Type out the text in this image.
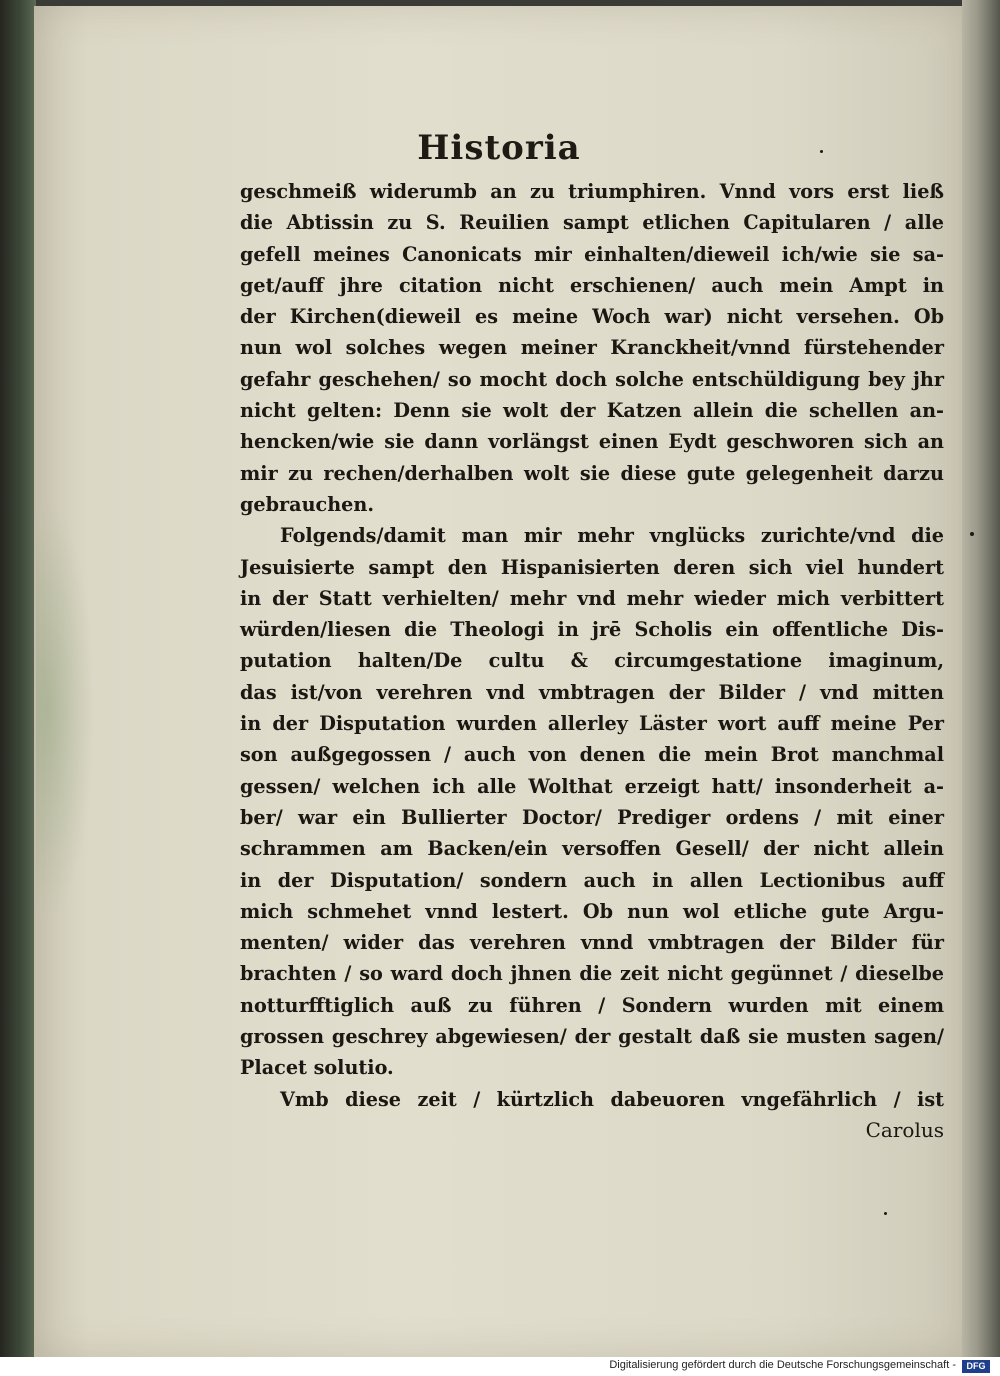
Historia
geschmeiß widerumb an zu triumphiren. Vnnd vors erst ließ
die Abtissin zu S. Reuilien sampt etlichen Capitularen / alle
gefell meines Canonicats mir einhalten/dieweil ich/wie sie sa-
get/auff jhre citation nicht erschienen/ auch mein Ampt in
der Kirchen(dieweil es meine Woch war) nicht versehen. Ob
nun wol solches wegen meiner Kranckheit/vnnd fürstehender
gefahr geschehen/ so mocht doch solche entschüldigung bey jhr
nicht gelten: Denn sie wolt der Katzen allein die schellen an-
hencken/wie sie dann vorlängst einen Eydt geschworen sich an
mir zu rechen/derhalben wolt sie diese gute gelegenheit darzu
gebrauchen.
Folgends/damit man mir mehr vnglücks zurichte/vnd die
Jesuisierte sampt den Hispanisierten deren sich viel hundert
in der Statt verhielten/ mehr vnd mehr wieder mich verbittert
würden/liesen die Theologi in jrē Scholis ein offentliche Dis-
putation halten/De cultu & circumgestatione imaginum,
das ist/von verehren vnd vmbtragen der Bilder / vnd mitten
in der Disputation wurden allerley Läster wort auff meine Per
son außgegossen / auch von denen die mein Brot manchmal
gessen/ welchen ich alle Wolthat erzeigt hatt/ insonderheit a-
ber/ war ein Bullierter Doctor/ Prediger ordens / mit einer
schrammen am Backen/ein versoffen Gesell/ der nicht allein
in der Disputation/ sondern auch in allen Lectionibus auff
mich schmehet vnnd lestert. Ob nun wol etliche gute Argu-
menten/ wider das verehren vnnd vmbtragen der Bilder für
brachten / so ward doch jhnen die zeit nicht gegünnet / dieselbe
notturfftiglich auß zu führen / Sondern wurden mit einem
grossen geschrey abgewiesen/ der gestalt daß sie musten sagen/
Placet solutio.
Vmb diese zeit / kürtzlich dabeuoren vngefährlich / ist
Carolus
Digitalisierung gefördert durch die Deutsche Forschungsgemeinschaft -	DFG
